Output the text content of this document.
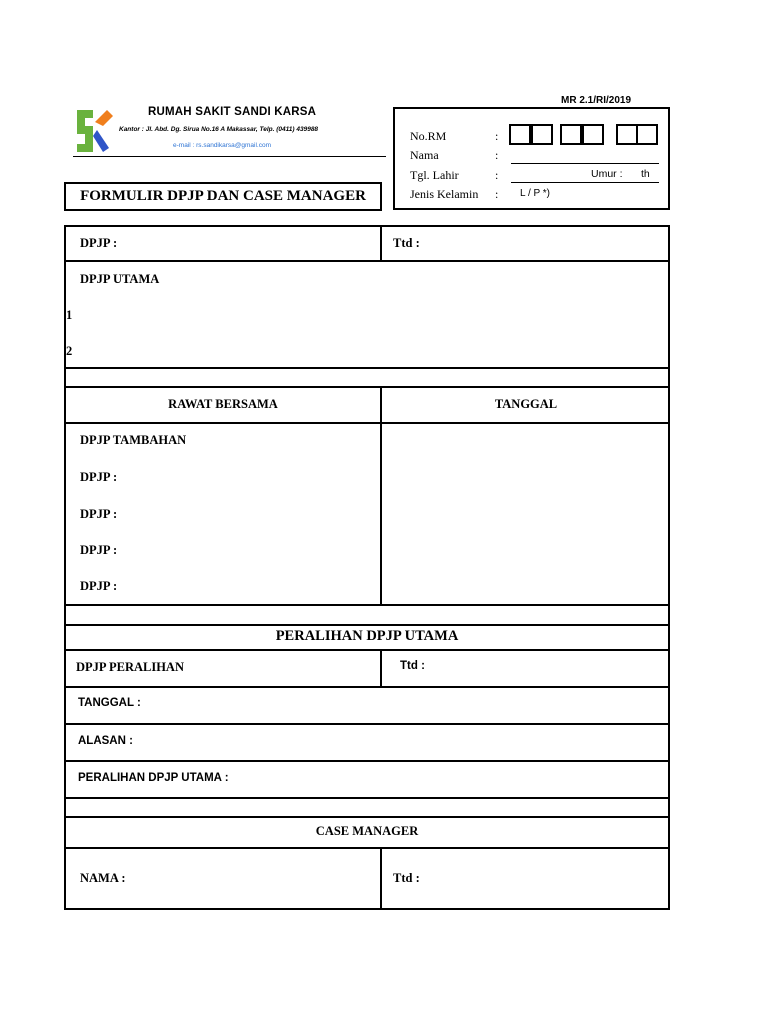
MR 2.1/RI/2019
RUMAH SAKIT SANDI KARSA
Kantor : Jl. Abd. Dg. Sirua No.16 A Makassar, Telp. (0411) 439988
e-mail : rs.sandikarsa@gmail.com
FORMULIR DPJP DAN CASE MANAGER
No.RM	:
Nama	:
Tgl. Lahir	:	Umur : th
Jenis Kelamin : L / P *)
DPJP :	Ttd :
DPJP UTAMA
1
2
RAWAT BERSAMA	TANGGAL
DPJP TAMBAHAN
DPJP :
DPJP :
DPJP :
DPJP :
PERALIHAN DPJP UTAMA
DPJP PERALIHAN	Ttd :
TANGGAL :
ALASAN :
PERALIHAN DPJP UTAMA :
CASE MANAGER
NAMA :	Ttd :
